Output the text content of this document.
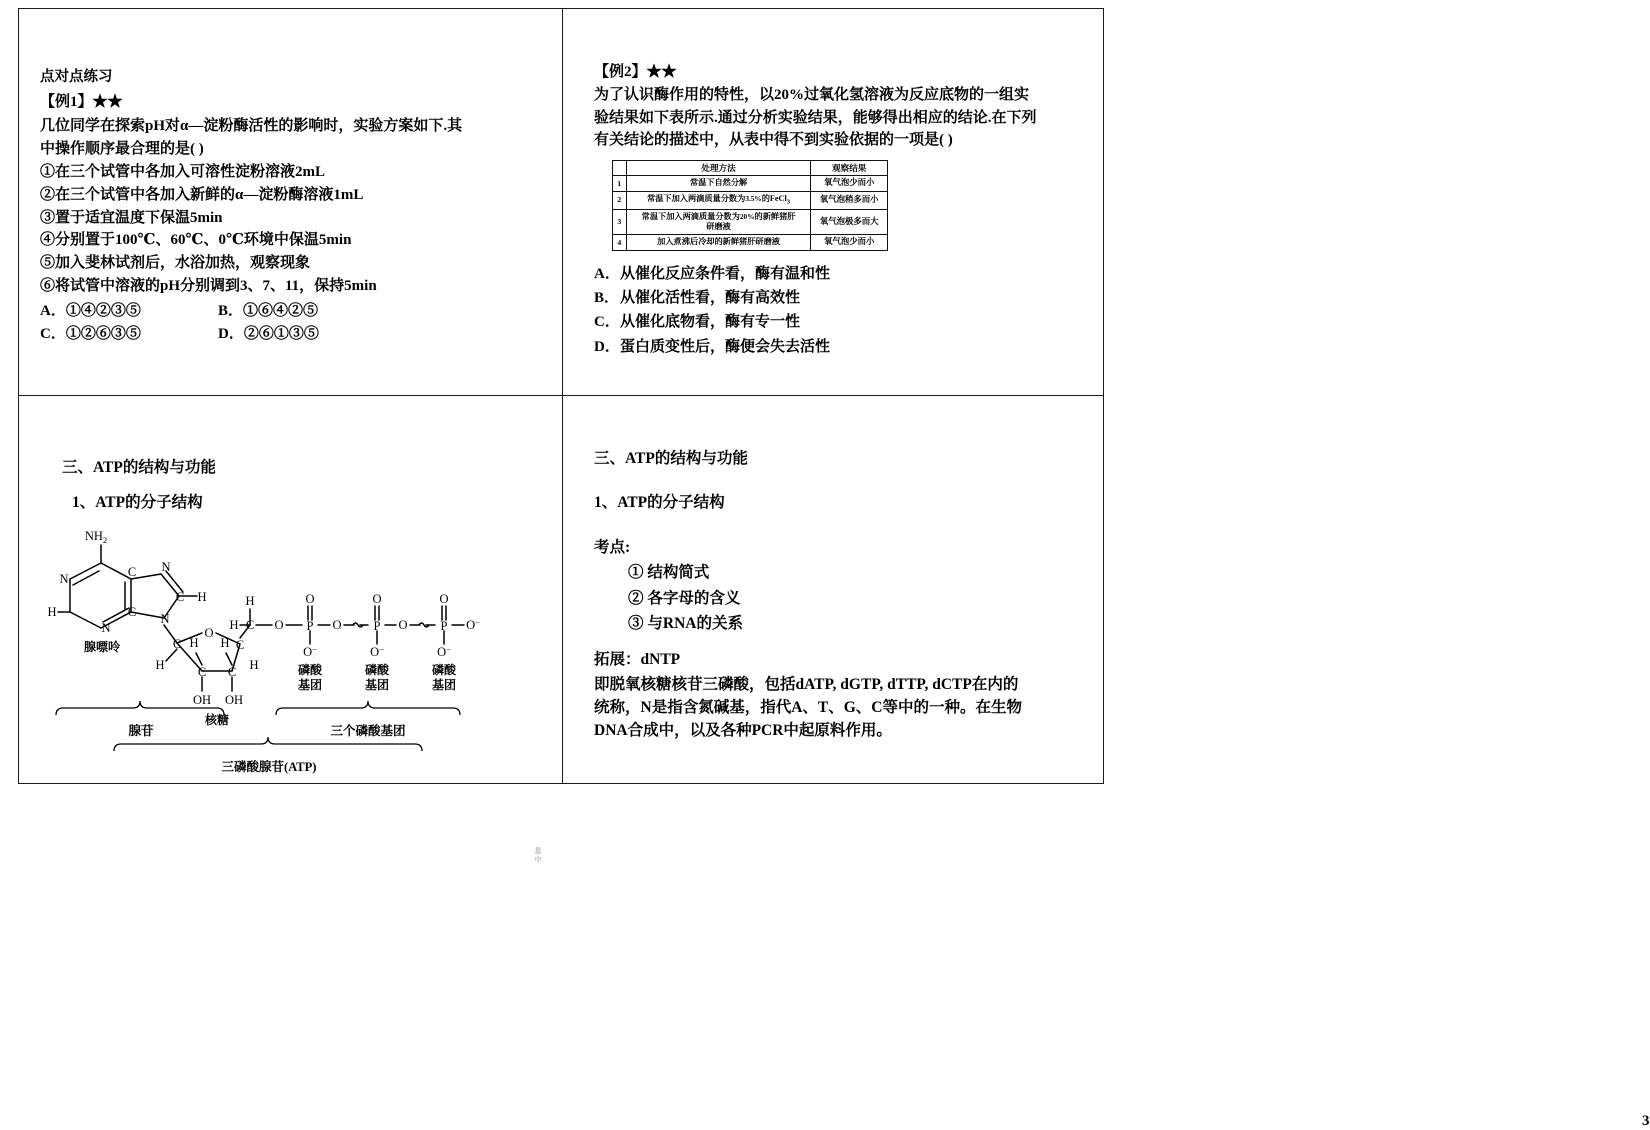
点对点练习
【例1】★★
几位同学在探索pH对α—淀粉酶活性的影响时，实验方案如下.其
中操作顺序最合理的是( )
①在三个试管中各加入可溶性淀粉溶液2mL
②在三个试管中各加入新鲜的α—淀粉酶溶液1mL
③置于适宜温度下保温5min
④分别置于100℃、60℃、0℃环境中保温5min
⑤加入斐林试剂后，水浴加热，观察现象
⑥将试管中溶液的pH分别调到3、7、11，保持5min
A．①④②③⑤	B．①⑥④②⑤
C．①②⑥③⑤	D．②⑥①③⑤
【例2】★★
为了认识酶作用的特性，以20%过氧化氢溶液为反应底物的一组实
验结果如下表所示.通过分析实验结果，能够得出相应的结论.在下列
有关结论的描述中，从表中得不到实验依据的一项是( )
	处理方法	观察结果
1	常温下自然分解	氧气泡少而小
2	常温下加入两滴质量分数为3.5%的FeCl$_3$	氧气泡稍多而小
3	常温下加入两滴质量分数为20%的新鲜猪肝
研磨液	氧气泡极多而大
4	加入煮沸后冷却的新鲜猪肝研磨液	氧气泡少而小
A．从催化反应条件看，酶有温和性
B．从催化活性看，酶有高效性
C．从催化底物看，酶有专一性
D．蛋白质变性后，酶便会失去活性
三、ATP的结构与功能
1、ATP的分子结构
星
中
$NH_2$
N
H
N
C
C N
C H
N
C
H
O
C
H
C C
H H
OH OH
H
H C O P
O
O−
O	P
O
O−
O	P
O
O−
O−
腺嘌呤
核糖
磷酸
基团
磷酸
基团
磷酸
基团
腺苷	三个磷酸基团
三磷酸腺苷(ATP)
三、ATP的结构与功能
1、ATP的分子结构
考点:
① 结构简式
② 各字母的含义
③ 与RNA的关系
拓展：dNTP
即脱氧核糖核苷三磷酸，包括dATP, dGTP, dTTP, dCTP在内的
统称，N是指含氮碱基，指代A、T、G、C等中的一种。在生物
DNA合成中，以及各种PCR中起原料作用。
3
